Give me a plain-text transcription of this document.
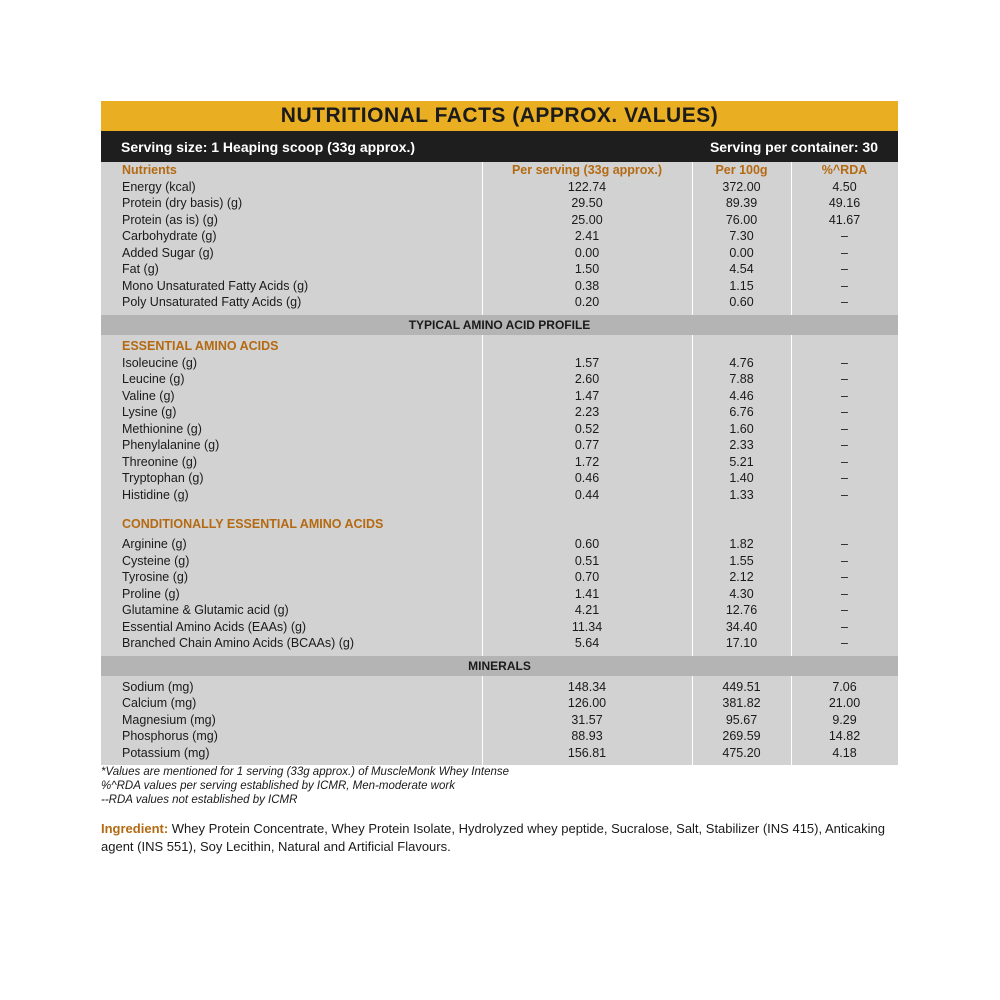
NUTRITIONAL FACTS (APPROX. VALUES)
Serving size: 1 Heaping scoop (33g approx.)	Serving per container: 30
Nutrients	Per serving (33g approx.)	Per 100g	%^RDA
Energy (kcal)	122.74	372.00	4.50
Protein (dry basis) (g)	29.50	89.39	49.16
Protein (as is) (g)	25.00	76.00	41.67
Carbohydrate (g)	2.41	7.30	–
Added Sugar (g)	0.00	0.00	–
Fat (g)	1.50	4.54	–
Mono Unsaturated Fatty Acids (g)	0.38	1.15	–
Poly Unsaturated Fatty Acids (g)	0.20	0.60	–
TYPICAL AMINO ACID PROFILE
ESSENTIAL AMINO ACIDS
Isoleucine (g)	1.57	4.76	–
Leucine (g)	2.60	7.88	–
Valine (g)	1.47	4.46	–
Lysine (g)	2.23	6.76	–
Methionine (g)	0.52	1.60	–
Phenylalanine (g)	0.77	2.33	–
Threonine (g)	1.72	5.21	–
Tryptophan (g)	0.46	1.40	–
Histidine (g)	0.44	1.33	–
CONDITIONALLY ESSENTIAL AMINO ACIDS
Arginine (g)	0.60	1.82	–
Cysteine (g)	0.51	1.55	–
Tyrosine (g)	0.70	2.12	–
Proline (g)	1.41	4.30	–
Glutamine & Glutamic acid (g)	4.21	12.76	–
Essential Amino Acids (EAAs) (g)	11.34	34.40	–
Branched Chain Amino Acids (BCAAs) (g)	5.64	17.10	–
MINERALS
Sodium (mg)	148.34	449.51	7.06
Calcium (mg)	126.00	381.82	21.00
Magnesium (mg)	31.57	95.67	9.29
Phosphorus (mg)	88.93	269.59	14.82
Potassium (mg)	156.81	475.20	4.18
*Values are mentioned for 1 serving (33g approx.) of MuscleMonk Whey Intense
%^RDA values per serving established by ICMR, Men-moderate work
--RDA values not established by ICMR
Ingredient: Whey Protein Concentrate, Whey Protein Isolate, Hydrolyzed whey peptide, Sucralose, Salt, Stabilizer (INS 415), Anticaking agent (INS 551), Soy Lecithin, Natural and Artificial Flavours.
